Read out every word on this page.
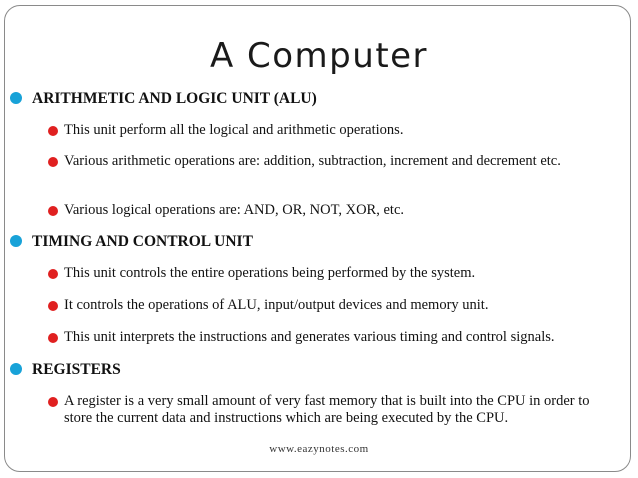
A Computer
ARITHMETIC AND LOGIC UNIT (ALU)
This unit perform all the logical and arithmetic operations.
Various arithmetic operations are: addition, subtraction, increment and decrement etc.
Various logical operations are: AND, OR, NOT, XOR, etc.
TIMING AND CONTROL UNIT
This unit controls the entire operations being performed by the system.
It controls the operations of ALU, input/output devices and memory unit.
This unit interprets the instructions and generates various timing and control signals.
REGISTERS
A register is a very small amount of very fast memory that is built into the CPU in order to store the current data and instructions which are being executed by the CPU.
www.eazynotes.com
